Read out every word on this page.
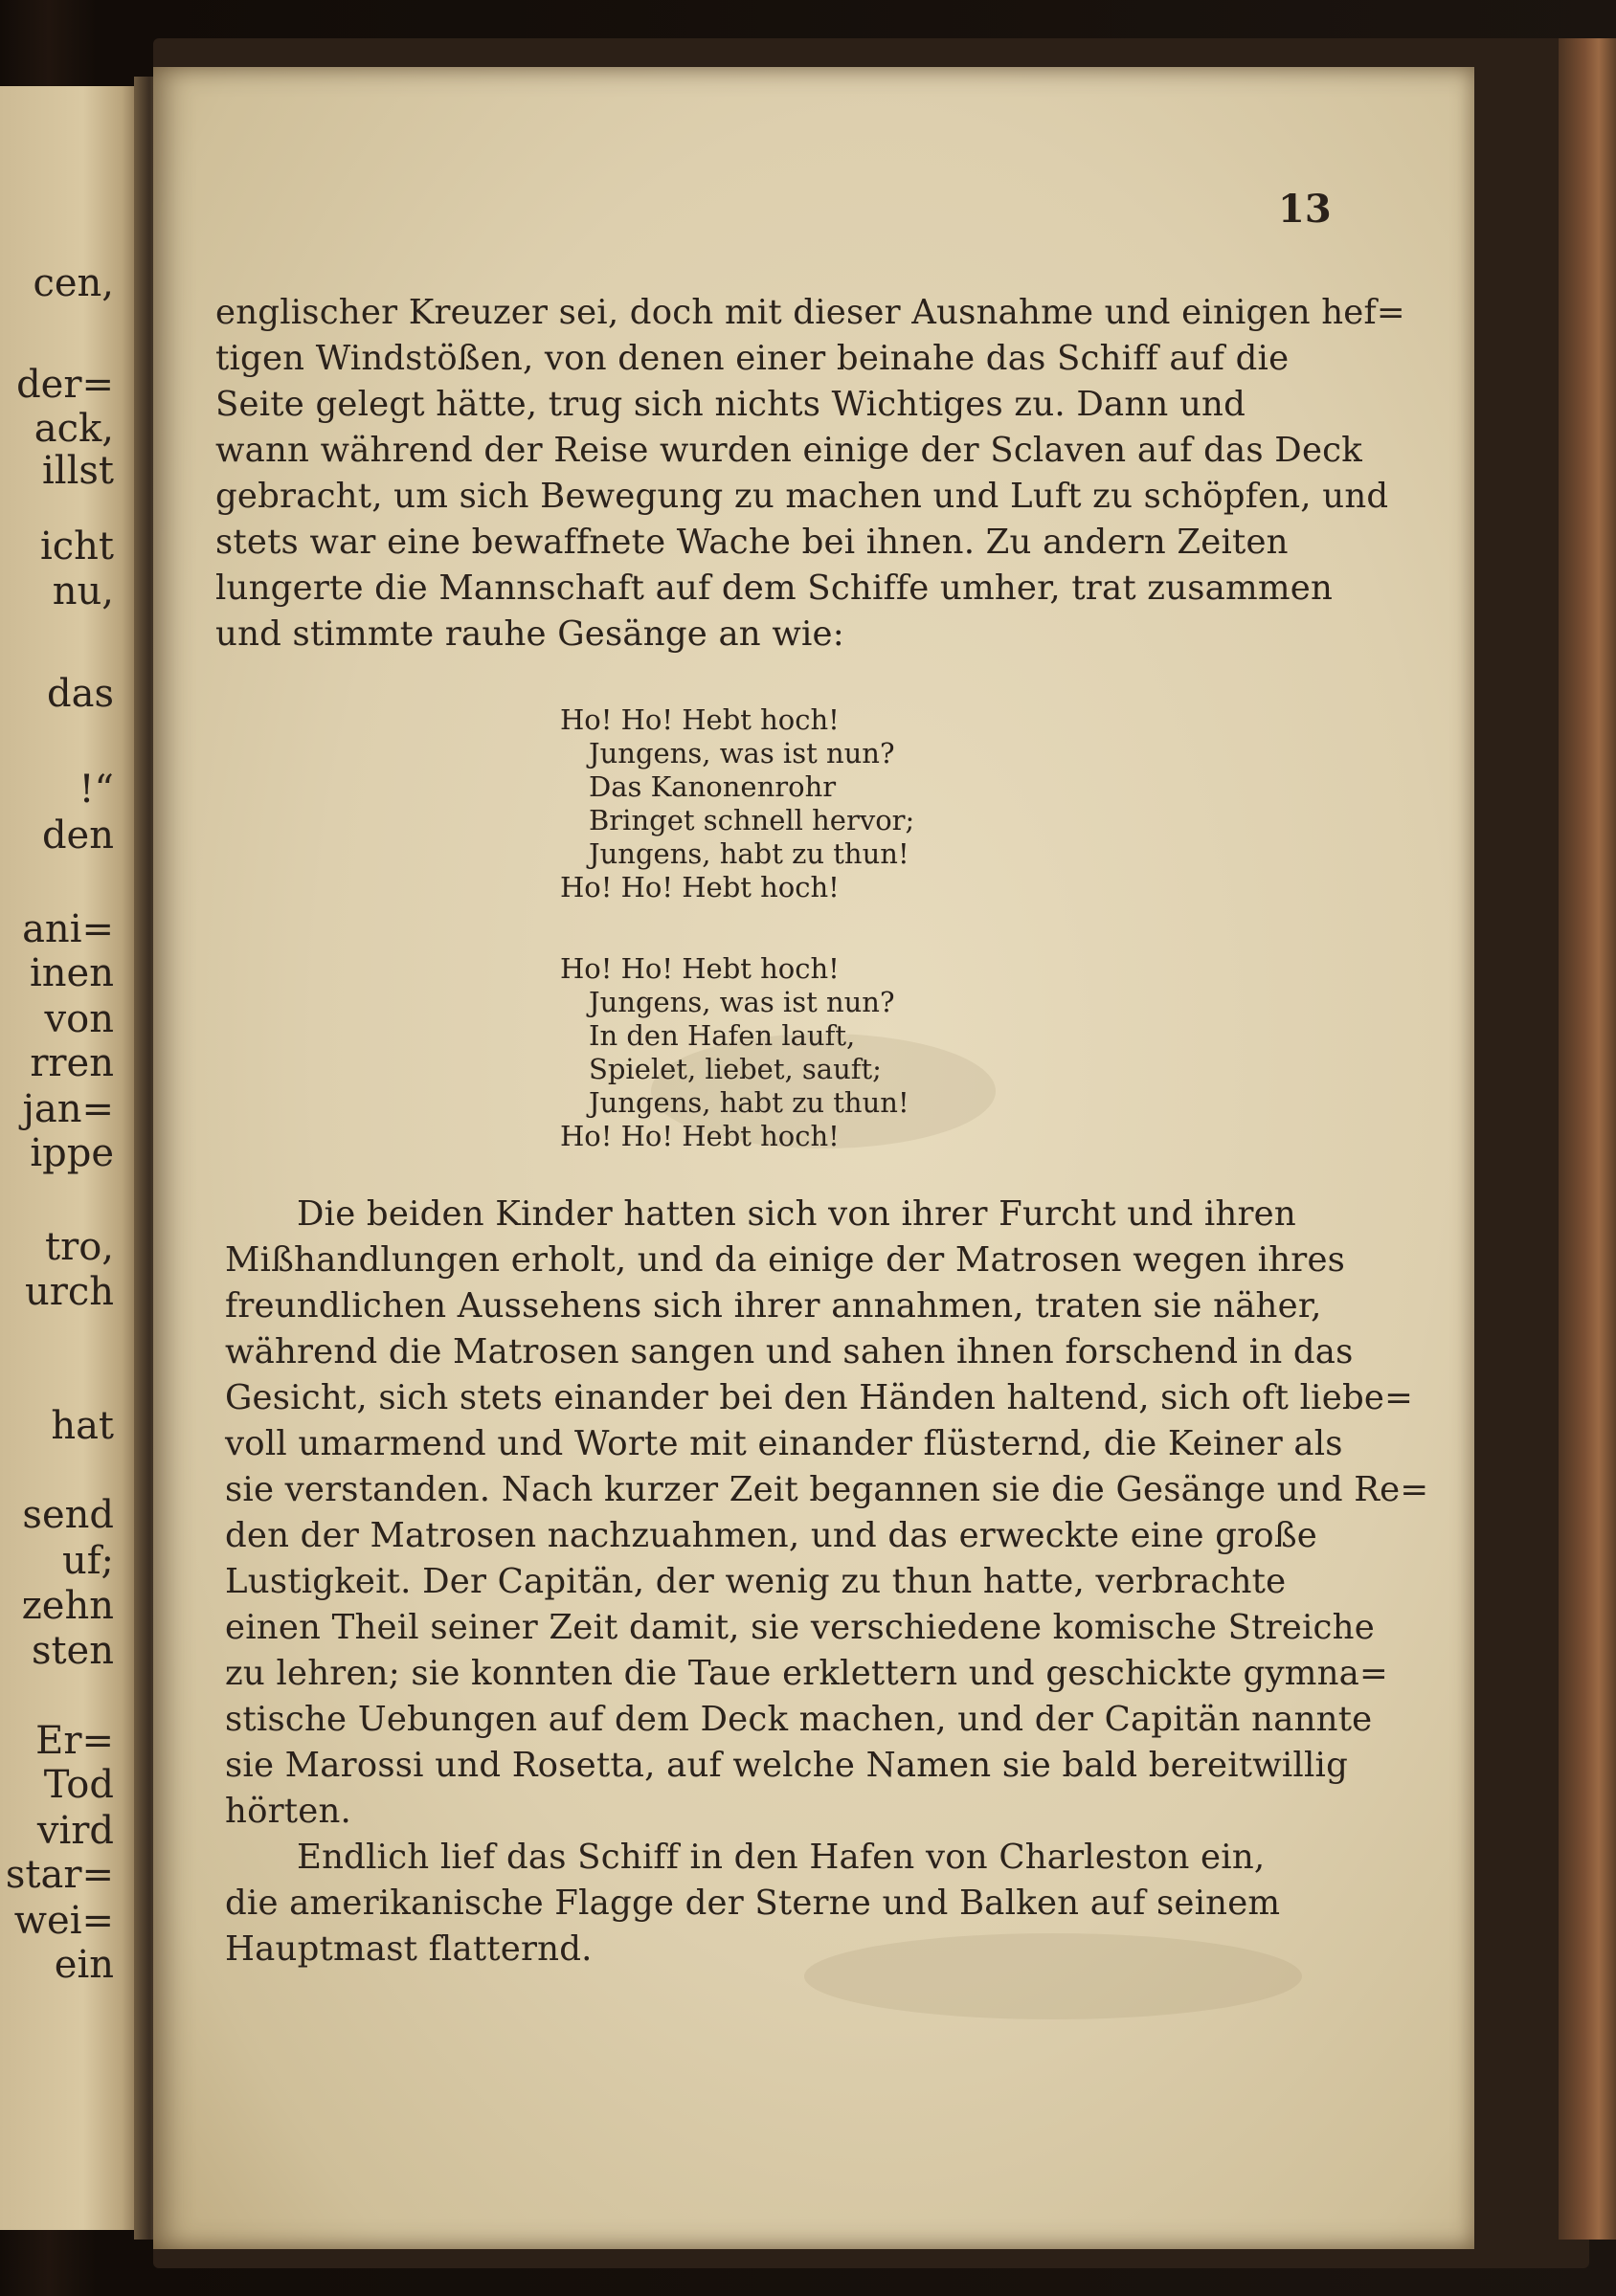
cen,
der=
ack,
illst
icht
nu,
das
!“
den
ani=
inen
von
rren
jan=
ippe
tro,
urch
hat
send
uf;
zehn
sten
Er=
Tod
vird
star=
wei=
ein
13
englischer Kreuzer sei, doch mit dieser Ausnahme und einigen hef=
tigen Windstößen, von denen einer beinahe das Schiff auf die
Seite gelegt hätte, trug sich nichts Wichtiges zu. Dann und
wann während der Reise wurden einige der Sclaven auf das Deck
gebracht, um sich Bewegung zu machen und Luft zu schöpfen, und
stets war eine bewaffnete Wache bei ihnen. Zu andern Zeiten
lungerte die Mannschaft auf dem Schiffe umher, trat zusammen
und stimmte rauhe Gesänge an wie:
Ho! Ho! Hebt hoch!
Jungens, was ist nun?
Das Kanonenrohr
Bringet schnell hervor;
Jungens, habt zu thun!
Ho! Ho! Hebt hoch!
Ho! Ho! Hebt hoch!
Jungens, was ist nun?
In den Hafen lauft,
Spielet, liebet, sauft;
Jungens, habt zu thun!
Ho! Ho! Hebt hoch!
Die beiden Kinder hatten sich von ihrer Furcht und ihren
Mißhandlungen erholt, und da einige der Matrosen wegen ihres
freundlichen Aussehens sich ihrer annahmen, traten sie näher,
während die Matrosen sangen und sahen ihnen forschend in das
Gesicht, sich stets einander bei den Händen haltend, sich oft liebe=
voll umarmend und Worte mit einander flüsternd, die Keiner als
sie verstanden. Nach kurzer Zeit begannen sie die Gesänge und Re=
den der Matrosen nachzuahmen, und das erweckte eine große
Lustigkeit. Der Capitän, der wenig zu thun hatte, verbrachte
einen Theil seiner Zeit damit, sie verschiedene komische Streiche
zu lehren; sie konnten die Taue erklettern und geschickte gymna=
stische Uebungen auf dem Deck machen, und der Capitän nannte
sie Marossi und Rosetta, auf welche Namen sie bald bereitwillig
hörten.
Endlich lief das Schiff in den Hafen von Charleston ein,
die amerikanische Flagge der Sterne und Balken auf seinem
Hauptmast flatternd.
